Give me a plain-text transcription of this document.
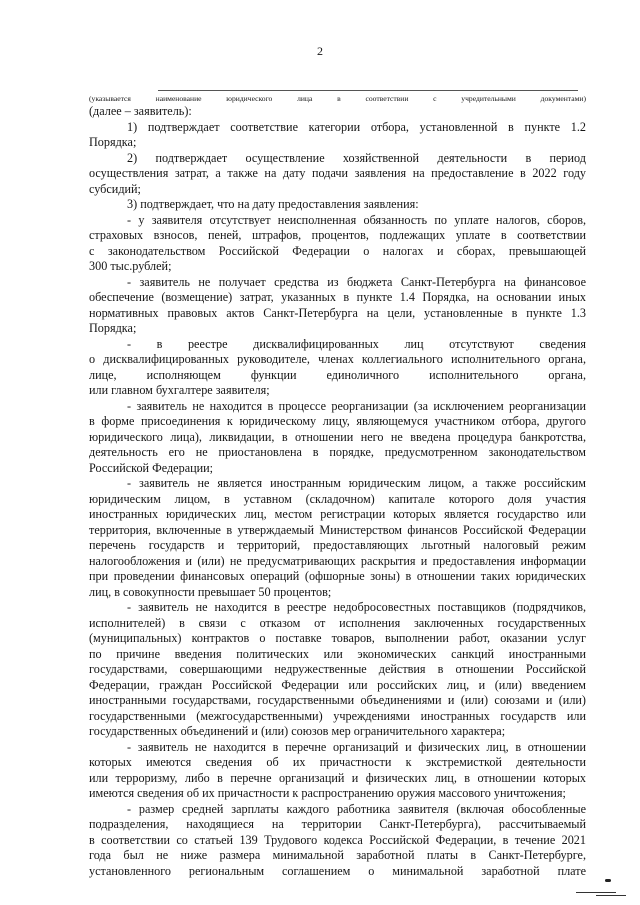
2

(указывается наименование юридического лица в соответствии с учредительными документами)

(далее – заявитель):

1) подтверждает соответствие категории отбора, установленной в пункте 1.2

Порядка;

2) подтверждает осуществление хозяйственной деятельности в период

осуществления затрат, а также на дату подачи заявления на предоставление в 2022 году

субсидий;

3) подтверждает, что на дату предоставления заявления:

- у заявителя отсутствует неисполненная обязанность по уплате налогов, сборов,

страховых взносов, пеней, штрафов, процентов, подлежащих уплате в соответствии

с законодательством Российской Федерации о налогах и сборах, превышающей

300 тыс.рублей;

- заявитель не получает средства из бюджета Санкт-Петербурга на финансовое

обеспечение (возмещение) затрат, указанных в пункте 1.4 Порядка, на основании иных

нормативных правовых актов Санкт-Петербурга на цели, установленные в пункте 1.3

Порядка;

- в реестре дисквалифицированных лиц отсутствуют сведения

о дисквалифицированных руководителе, членах коллегиального исполнительного органа,

лице, исполняющем функции единоличного исполнительного органа,

или главном бухгалтере заявителя;

- заявитель не находится в процессе реорганизации (за исключением реорганизации

в форме присоединения к юридическому лицу, являющемуся участником отбора, другого

юридического лица), ликвидации, в отношении него не введена процедура банкротства,

деятельность его не приостановлена в порядке, предусмотренном законодательством

Российской Федерации;

- заявитель не является иностранным юридическим лицом, а также российским

юридическим лицом, в уставном (складочном) капитале которого доля участия

иностранных юридических лиц, местом регистрации которых является государство или

территория, включенные в утверждаемый Министерством финансов Российской Федерации

перечень государств и территорий, предоставляющих льготный налоговый режим

налогообложения и (или) не предусматривающих раскрытия и предоставления информации

при проведении финансовых операций (офшорные зоны) в отношении таких юридических

лиц, в совокупности превышает 50 процентов;

- заявитель не находится в реестре недобросовестных поставщиков (подрядчиков,

исполнителей) в связи с отказом от исполнения заключенных государственных

(муниципальных) контрактов о поставке товаров, выполнении работ, оказании услуг

по причине введения политических или экономических санкций иностранными

государствами, совершающими недружественные действия в отношении Российской

Федерации, граждан Российской Федерации или российских лиц, и (или) введением

иностранными государствами, государственными объединениями и (или) союзами и (или)

государственными (межгосударственными) учреждениями иностранных государств или

государственных объединений и (или) союзов мер ограничительного характера;

- заявитель не находится в перечне организаций и физических лиц, в отношении

которых имеются сведения об их причастности к экстремисткой деятельности

или терроризму, либо в перечне организаций и физических лиц, в отношении которых

имеются сведения об их причастности к распространению оружия массового уничтожения;

- размер средней зарплаты каждого работника заявителя (включая обособленные

подразделения, находящиеся на территории Санкт-Петербурга), рассчитываемый

в соответствии со статьей 139 Трудового кодекса Российской Федерации, в течение 2021

года был не ниже размера минимальной заработной платы в Санкт-Петербурге,

установленного региональным соглашением о минимальной заработной плате
